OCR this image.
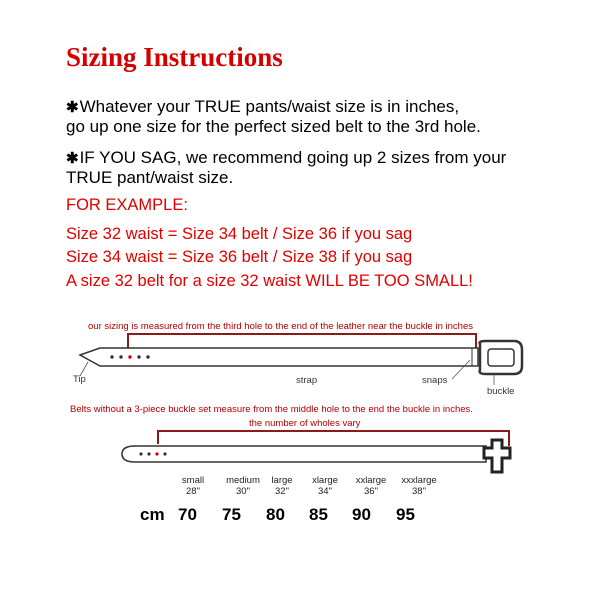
Sizing Instructions
✱Whatever your TRUE pants/waist size is in inches,
go up one size for the perfect sized belt to the 3rd hole.
✱IF YOU SAG, we recommend going up 2 sizes from your
TRUE pant/waist size.
FOR EXAMPLE:
Size 32 waist = Size 34 belt / Size 36 if you sag
Size 34 waist = Size 36 belt / Size 38 if you sag
A size 32 belt for a size 32 waist WILL BE TOO SMALL!
our sizing is measured from the third hole to the end of the leather near the buckle in inches
Tip	strap	snaps
buckle
Belts without a 3-piece buckle set measure from the middle hole to the end the buckle in inches.
the number of wholes vary
small
28"
medium
30"
large
32"
xlarge
34"
xxlarge
36"
xxxlarge
38"
cm 70 75 80 85 90 95
